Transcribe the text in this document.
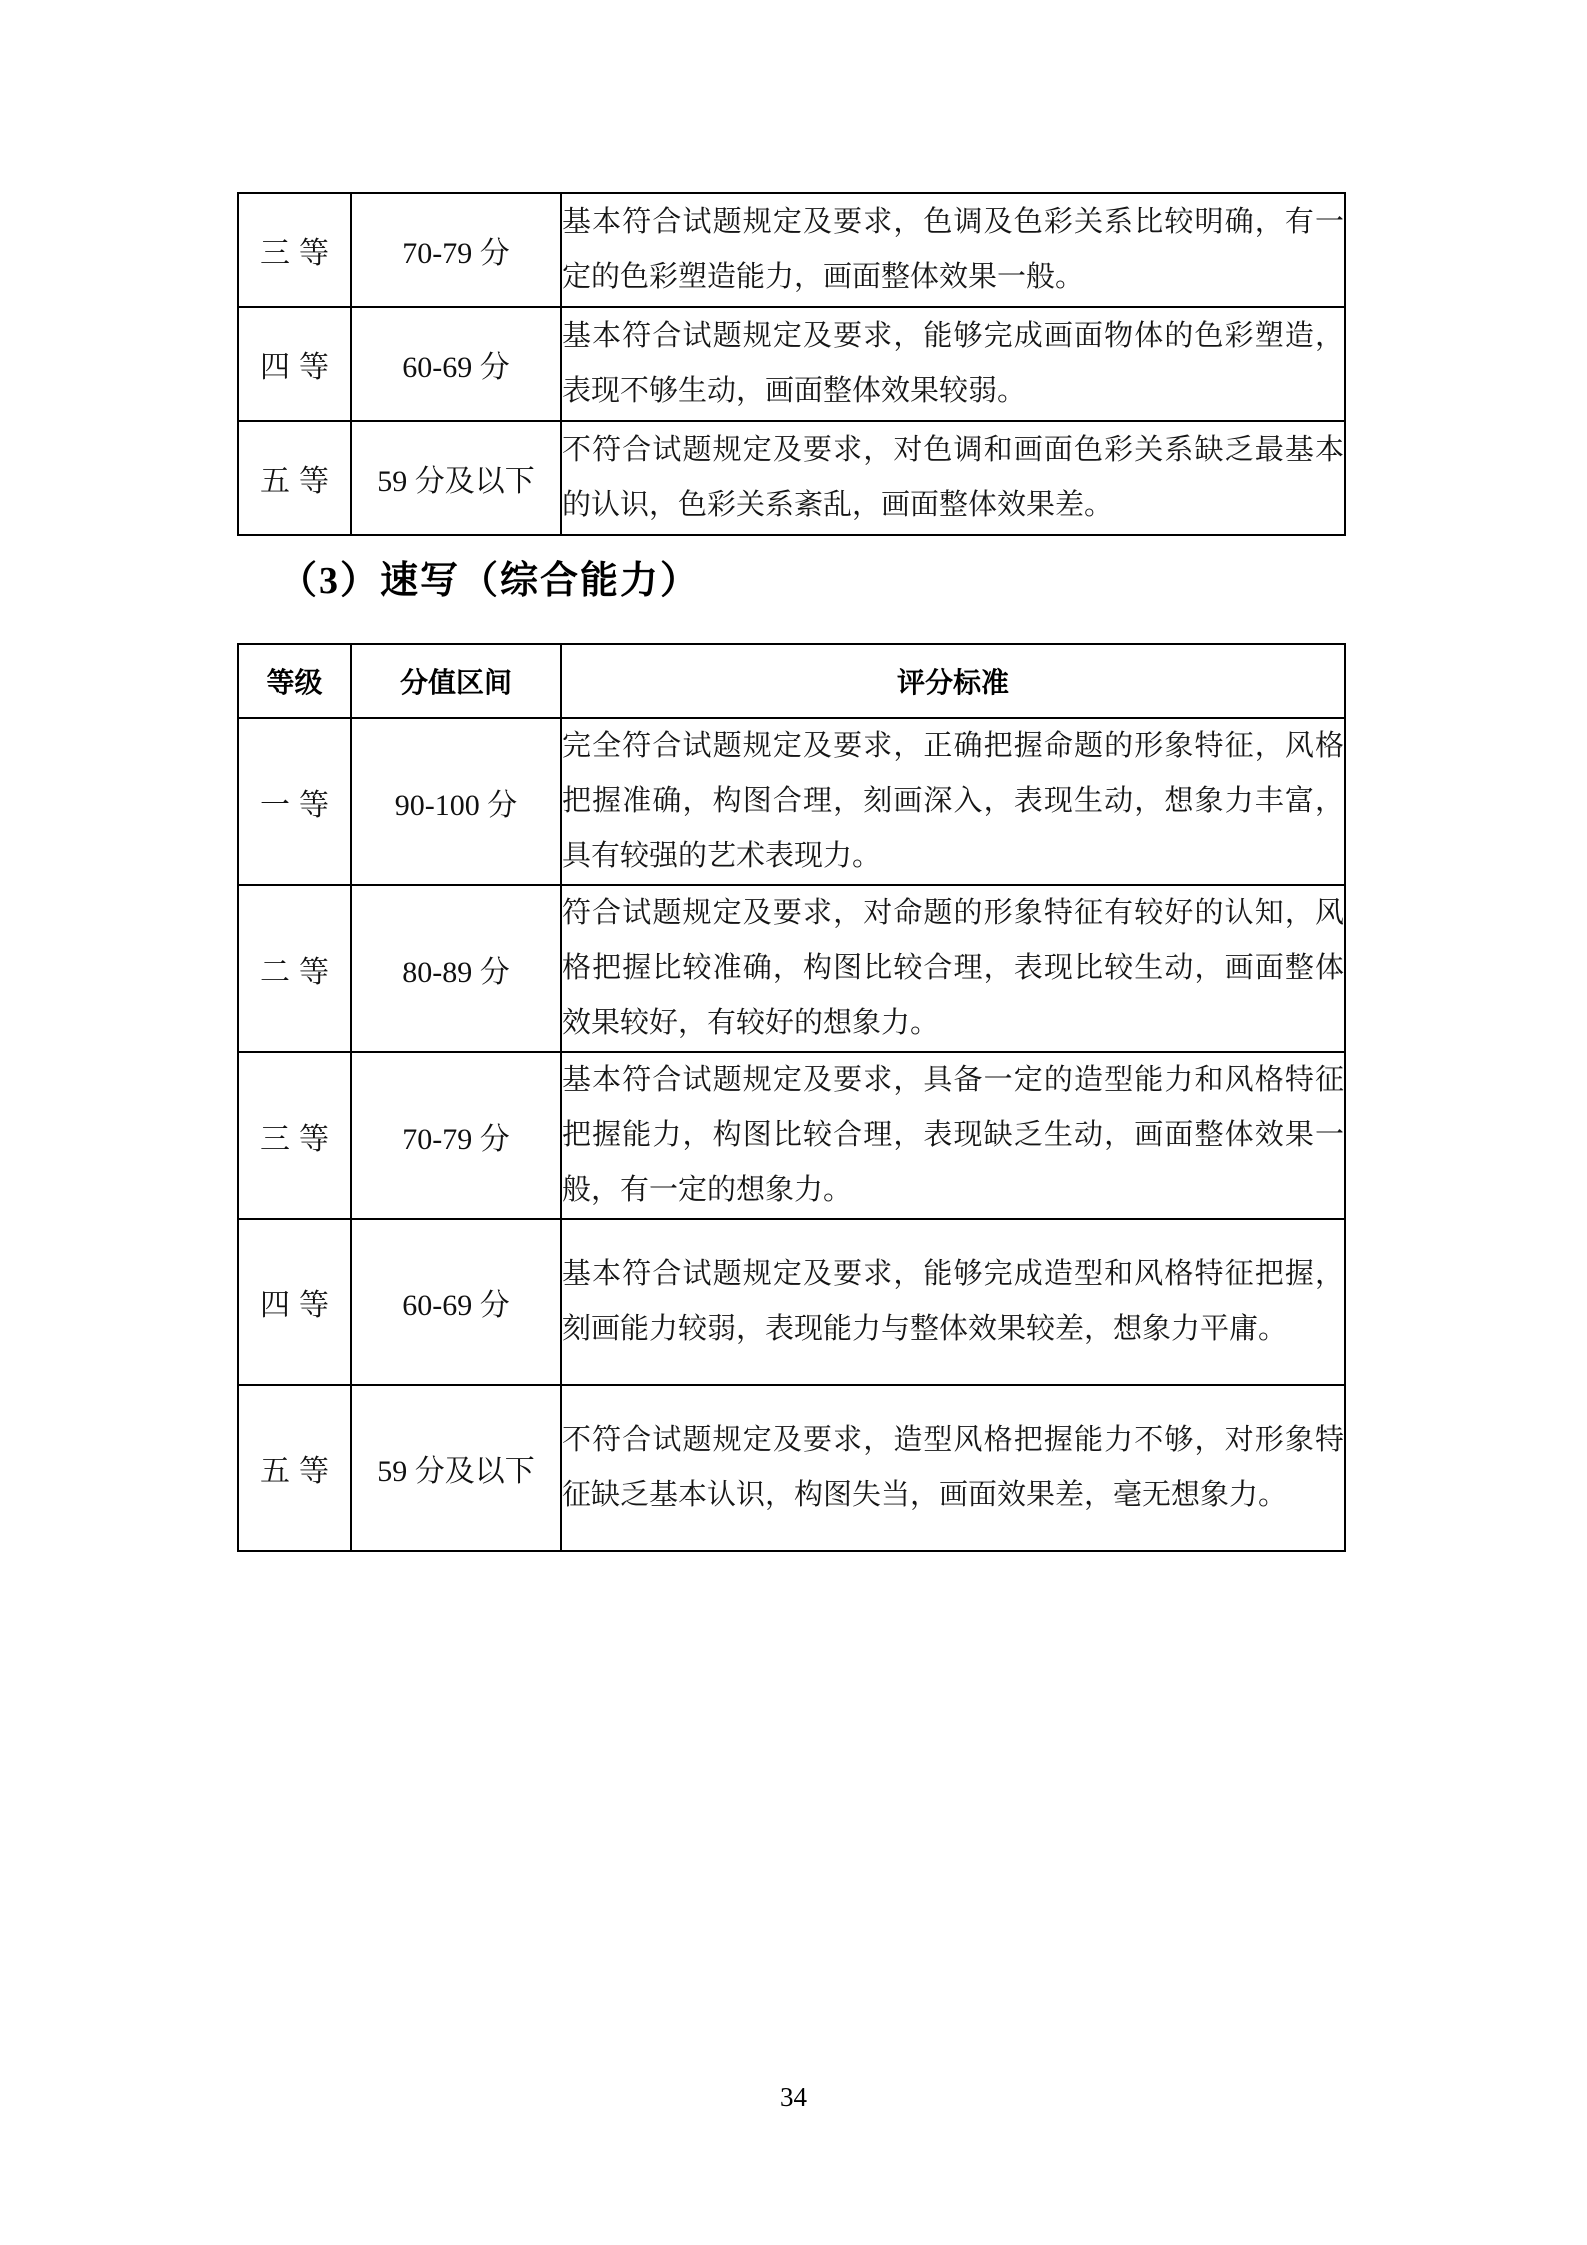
三等	70-79 分	基本符合试题规定及要求，色调及色彩关系比较明确，有一定的色彩塑造能力，画面整体效果一般。
四等	60-69 分	基本符合试题规定及要求，能够完成画面物体的色彩塑造，表现不够生动，画面整体效果较弱。
五等	59 分及以下	不符合试题规定及要求，对色调和画面色彩关系缺乏最基本的认识，色彩关系紊乱，画面整体效果差。
（3）速写（综合能力）
等级	分值区间	评分标准
一等	90-100 分	完全符合试题规定及要求，正确把握命题的形象特征，风格把握准确，构图合理，刻画深入，表现生动，想象力丰富，具有较强的艺术表现力。
二等	80-89 分	符合试题规定及要求，对命题的形象特征有较好的认知，风格把握比较准确，构图比较合理，表现比较生动，画面整体效果较好，有较好的想象力。
三等	70-79 分	基本符合试题规定及要求，具备一定的造型能力和风格特征把握能力，构图比较合理，表现缺乏生动，画面整体效果一般，有一定的想象力。
四等	60-69 分	基本符合试题规定及要求，能够完成造型和风格特征把握，刻画能力较弱，表现能力与整体效果较差，想象力平庸。
五等	59 分及以下	不符合试题规定及要求，造型风格把握能力不够，对形象特征缺乏基本认识，构图失当，画面效果差，毫无想象力。
34
